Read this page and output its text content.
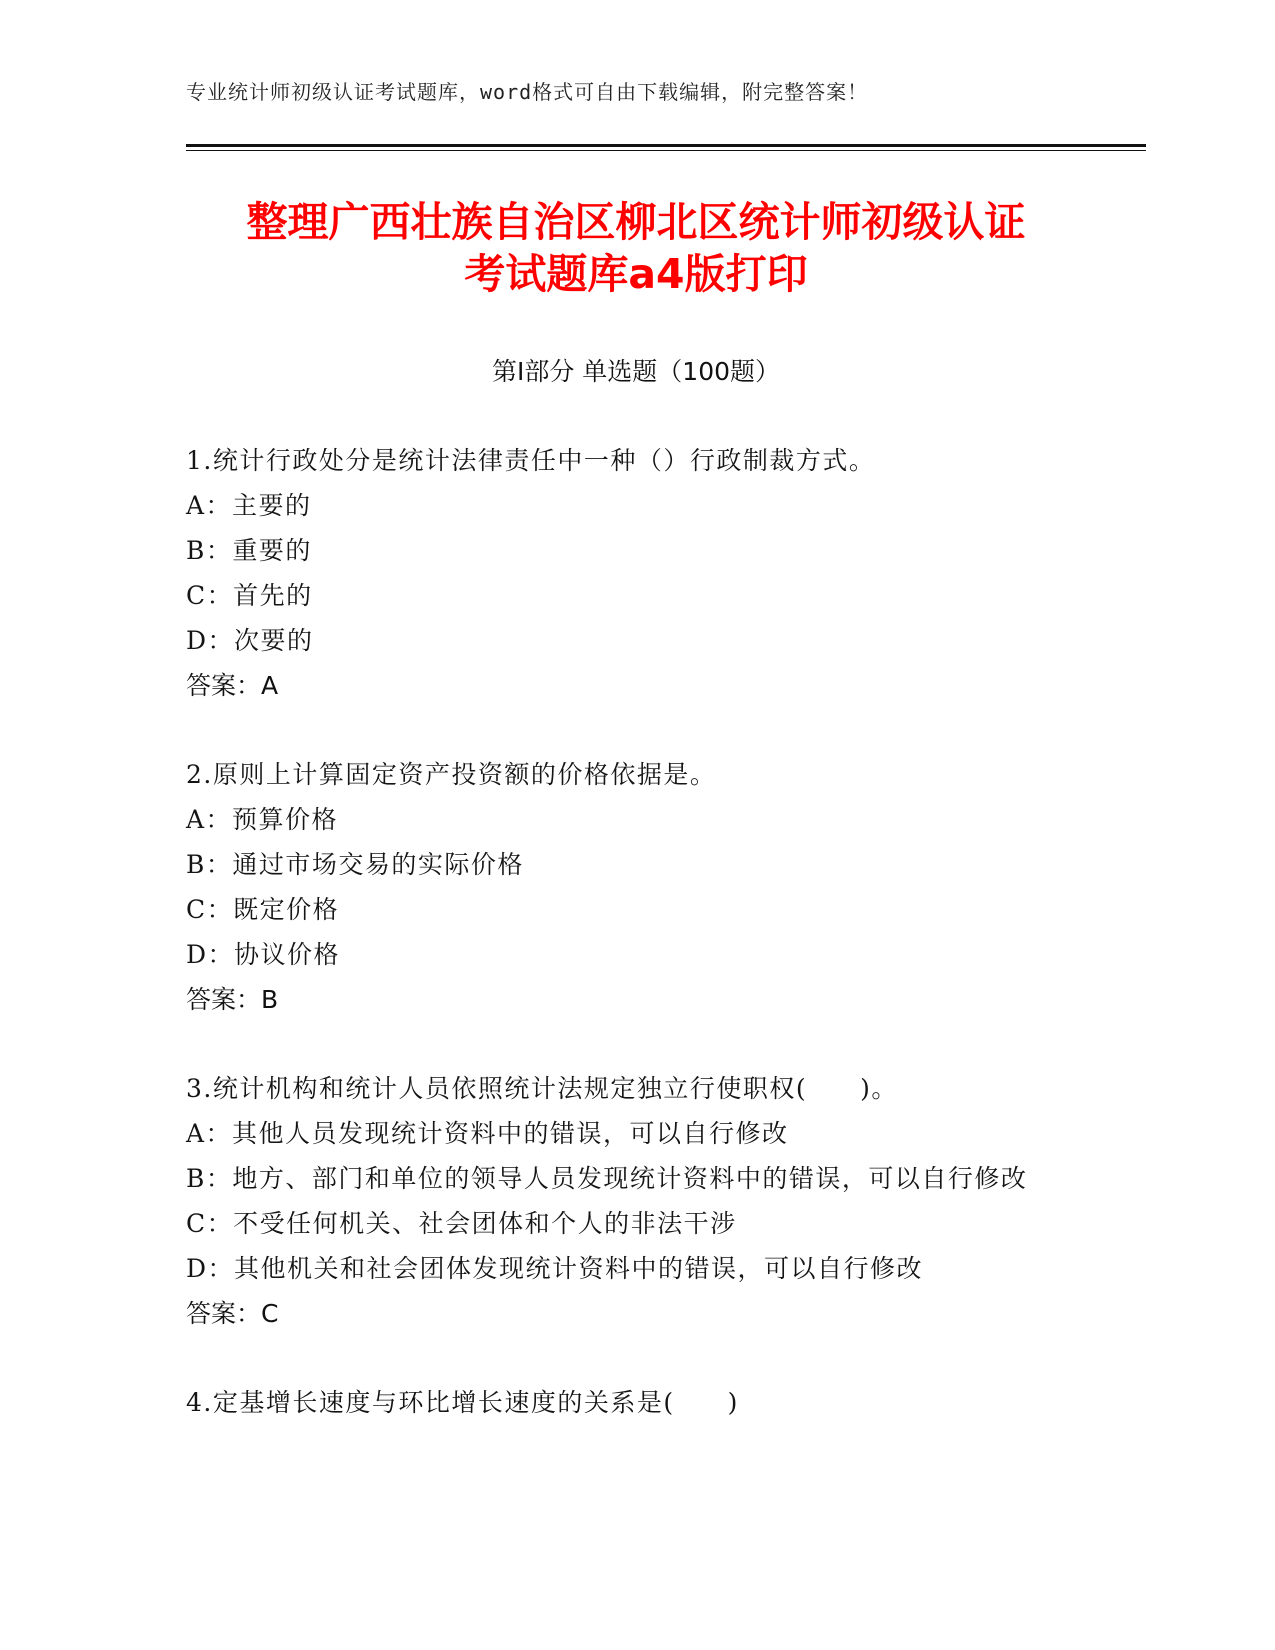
专业统计师初级认证考试题库，word格式可自由下载编辑，附完整答案！
整理广西壮族自治区柳北区统计师初级认证
考试题库a4版打印
第Ⅰ部分 单选题（100题）
1.统计行政处分是统计法律责任中一种（）行政制裁方式。
A：主要的
B：重要的
C：首先的
D：次要的
答案：A
2.原则上计算固定资产投资额的价格依据是。
A：预算价格
B：通过市场交易的实际价格
C：既定价格
D：协议价格
答案：B
3.统计机构和统计人员依照统计法规定独立行使职权(　　)。
A：其他人员发现统计资料中的错误，可以自行修改
B：地方、部门和单位的领导人员发现统计资料中的错误，可以自行修改
C：不受任何机关、社会团体和个人的非法干涉
D：其他机关和社会团体发现统计资料中的错误，可以自行修改
答案：C
4.定基增长速度与环比增长速度的关系是(　　)
